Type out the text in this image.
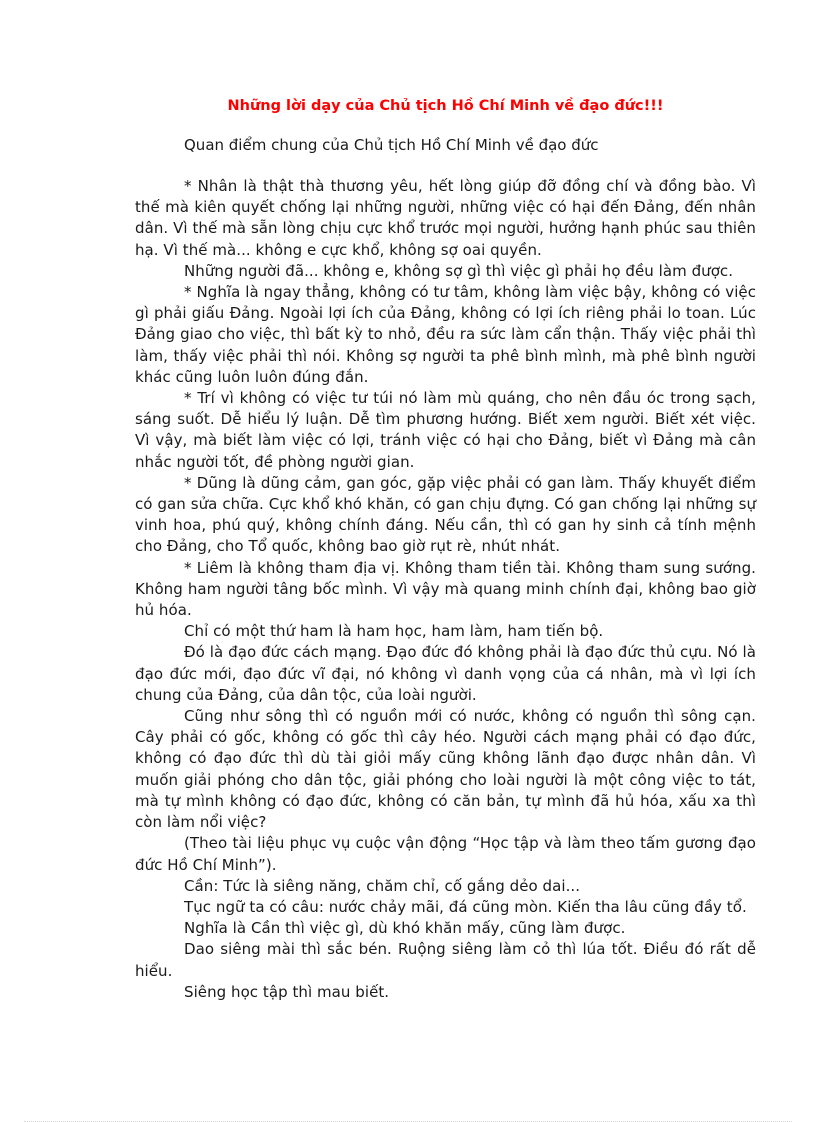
Những lời dạy của Chủ tịch Hồ Chí Minh về đạo đức!!!

Quan điểm chung của Chủ tịch Hồ Chí Minh về đạo đức

* Nhân là thật thà thương yêu, hết lòng giúp đỡ đồng chí và đồng bào. Vì thế mà kiên quyết chống lại những người, những việc có hại đến Đảng, đến nhân dân. Vì thế mà sẵn lòng chịu cực khổ trước mọi người, hưởng hạnh phúc sau thiên hạ. Vì thế mà... không e cực khổ, không sợ oai quyền.

Những người đã... không e, không sợ gì thì việc gì phải họ đều làm được.

* Nghĩa là ngay thẳng, không có tư tâm, không làm việc bậy, không có việc gì phải giấu Đảng. Ngoài lợi ích của Đảng, không có lợi ích riêng phải lo toan. Lúc Đảng giao cho việc, thì bất kỳ to nhỏ, đều ra sức làm cẩn thận. Thấy việc phải thì làm, thấy việc phải thì nói. Không sợ người ta phê bình mình, mà phê bình người khác cũng luôn luôn đúng đắn.

* Trí vì không có việc tư túi nó làm mù quáng, cho nên đầu óc trong sạch, sáng suốt. Dễ hiểu lý luận. Dễ tìm phương hướng. Biết xem người. Biết xét việc. Vì vậy, mà biết làm việc có lợi, tránh việc có hại cho Đảng, biết vì Đảng mà cân nhắc người tốt, đề phòng người gian.

* Dũng là dũng cảm, gan góc, gặp việc phải có gan làm. Thấy khuyết điểm có gan sửa chữa. Cực khổ khó khăn, có gan chịu đựng. Có gan chống lại những sự vinh hoa, phú quý, không chính đáng. Nếu cần, thì có gan hy sinh cả tính mệnh cho Đảng, cho Tổ quốc, không bao giờ rụt rè, nhút nhát.

* Liêm là không tham địa vị. Không tham tiền tài. Không tham sung sướng. Không ham người tâng bốc mình. Vì vậy mà quang minh chính đại, không bao giờ hủ hóa.

Chỉ có một thứ ham là ham học, ham làm, ham tiến bộ.

Đó là đạo đức cách mạng. Đạo đức đó không phải là đạo đức thủ cựu. Nó là đạo đức mới, đạo đức vĩ đại, nó không vì danh vọng của cá nhân, mà vì lợi ích chung của Đảng, của dân tộc, của loài người.

Cũng như sông thì có nguồn mới có nước, không có nguồn thì sông cạn. Cây phải có gốc, không có gốc thì cây héo. Người cách mạng phải có đạo đức, không có đạo đức thì dù tài giỏi mấy cũng không lãnh đạo được nhân dân. Vì muốn giải phóng cho dân tộc, giải phóng cho loài người là một công việc to tát, mà tự mình không có đạo đức, không có căn bản, tự mình đã hủ hóa, xấu xa thì còn làm nổi việc?

(Theo tài liệu phục vụ cuộc vận động “Học tập và làm theo tấm gương đạo đức Hồ Chí Minh”).

Cần: Tức là siêng năng, chăm chỉ, cố gắng dẻo dai...

Tục ngữ ta có câu: nước chảy mãi, đá cũng mòn. Kiến tha lâu cũng đầy tổ.

Nghĩa là Cần thì việc gì, dù khó khăn mấy, cũng làm được.

Dao siêng mài thì sắc bén. Ruộng siêng làm cỏ thì lúa tốt. Điều đó rất dễ hiểu.

Siêng học tập thì mau biết.
